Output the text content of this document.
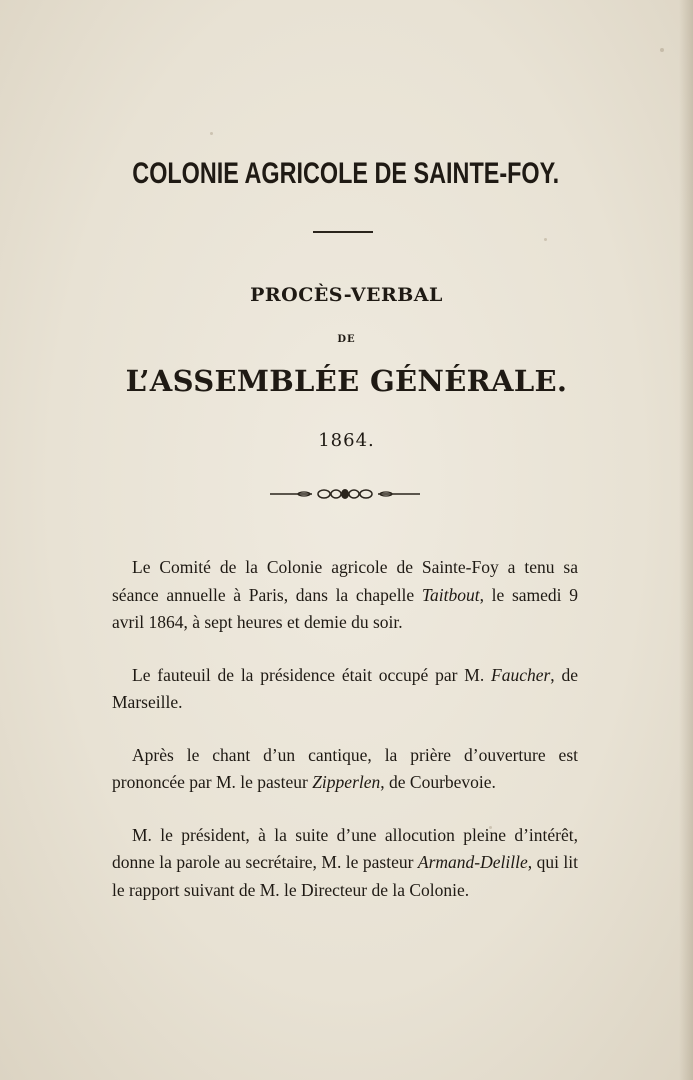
COLONIE AGRICOLE DE SAINTE-FOY.
PROCÈS-VERBAL
DE
L’ASSEMBLÉE GÉNÉRALE.
1864.

Le Comité de la Colonie agricole de Sainte-Foy a tenu sa séance annuelle à Paris, dans la chapelle Taitbout, le samedi 9 avril 1864, à sept heures et demie du soir.

Le fauteuil de la présidence était occupé par M. Faucher, de Marseille.

Après le chant d’un cantique, la prière d’ouverture est prononcée par M. le pasteur Zipperlen, de Courbevoie.

M. le président, à la suite d’une allocution pleine d’intérêt, donne la parole au secrétaire, M. le pasteur Armand-Delille, qui lit le rapport suivant de M. le Directeur de la Colonie.
